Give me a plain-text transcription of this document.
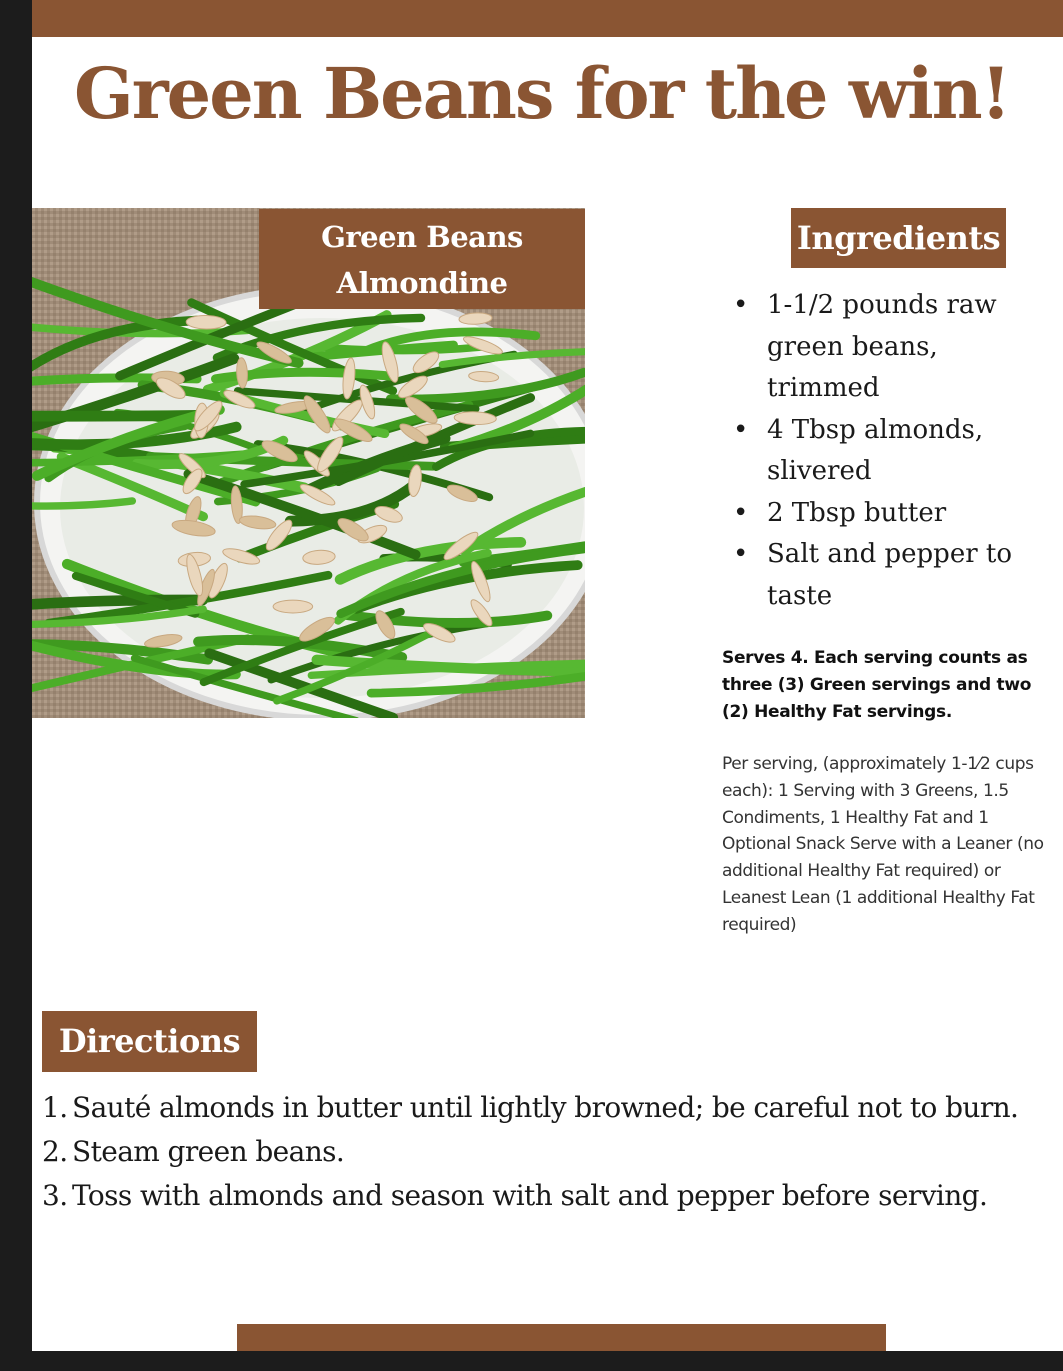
Green Beans for the win!
Green Beans
Almondine
Ingredients
• 1-1/2 pounds raw green beans, trimmed
• 4 Tbsp almonds, slivered
• 2 Tbsp butter
• Salt and pepper to taste

Serves 4. Each serving counts as three (3) Green servings and two (2) Healthy Fat servings.

Per serving, (approximately 1-1⁄2 cups each): 1 Serving with 3 Greens, 1.5 Condiments, 1 Healthy Fat and 1 Optional Snack Serve with a Leaner (no additional Healthy Fat required) or Leanest Lean (1 additional Healthy Fat required)

Directions
1. Sauté almonds in butter until lightly browned; be careful not to burn.
2. Steam green beans.
3. Toss with almonds and season with salt and pepper before serving.
